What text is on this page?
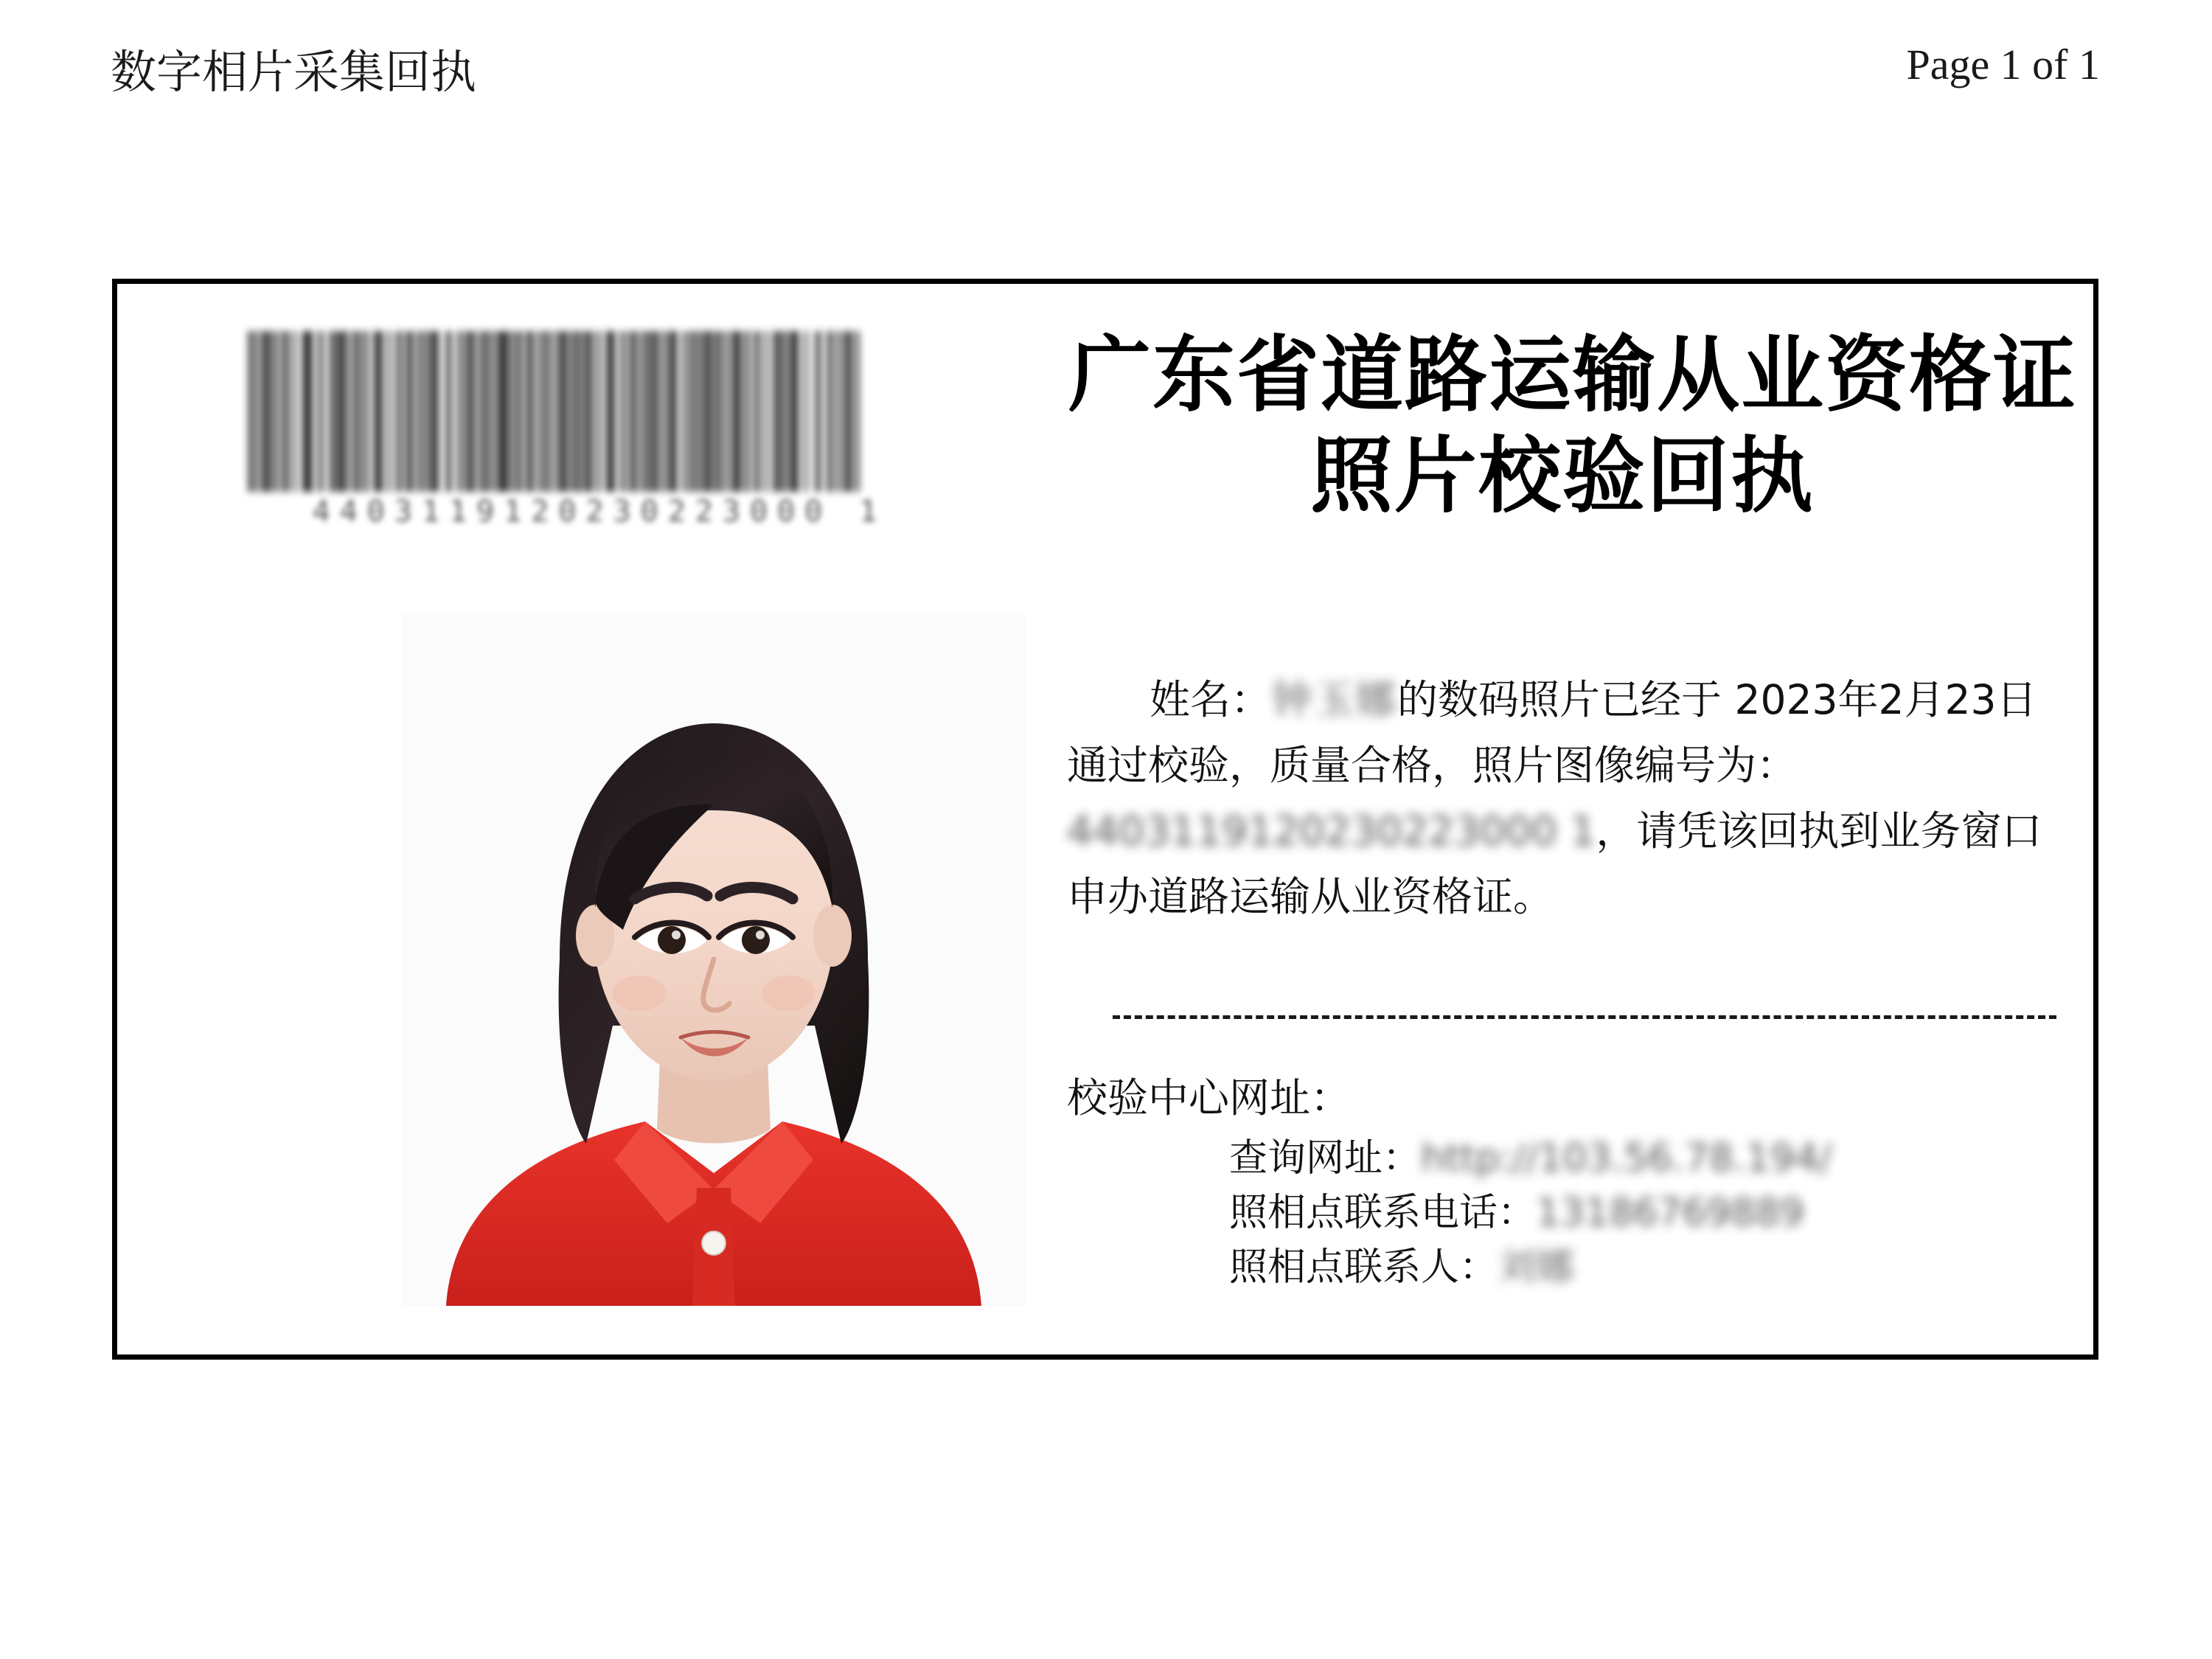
数字相片采集回执	Page 1 of 1
4403119120230223000 1
广东省道路运输从业资格证
照片校验回执
姓名：钟玉娜的数码照片已经于 2023年2月23日 通过校验，质量合格，照片图像编号为：
4403119120230223000 1，请凭该回执到业务窗口申办道路运输从业资格证。
校验中心网址：
查询网址：http://103.56.78.194/
照相点联系电话：13186769889
照相点联系人：刘娜
